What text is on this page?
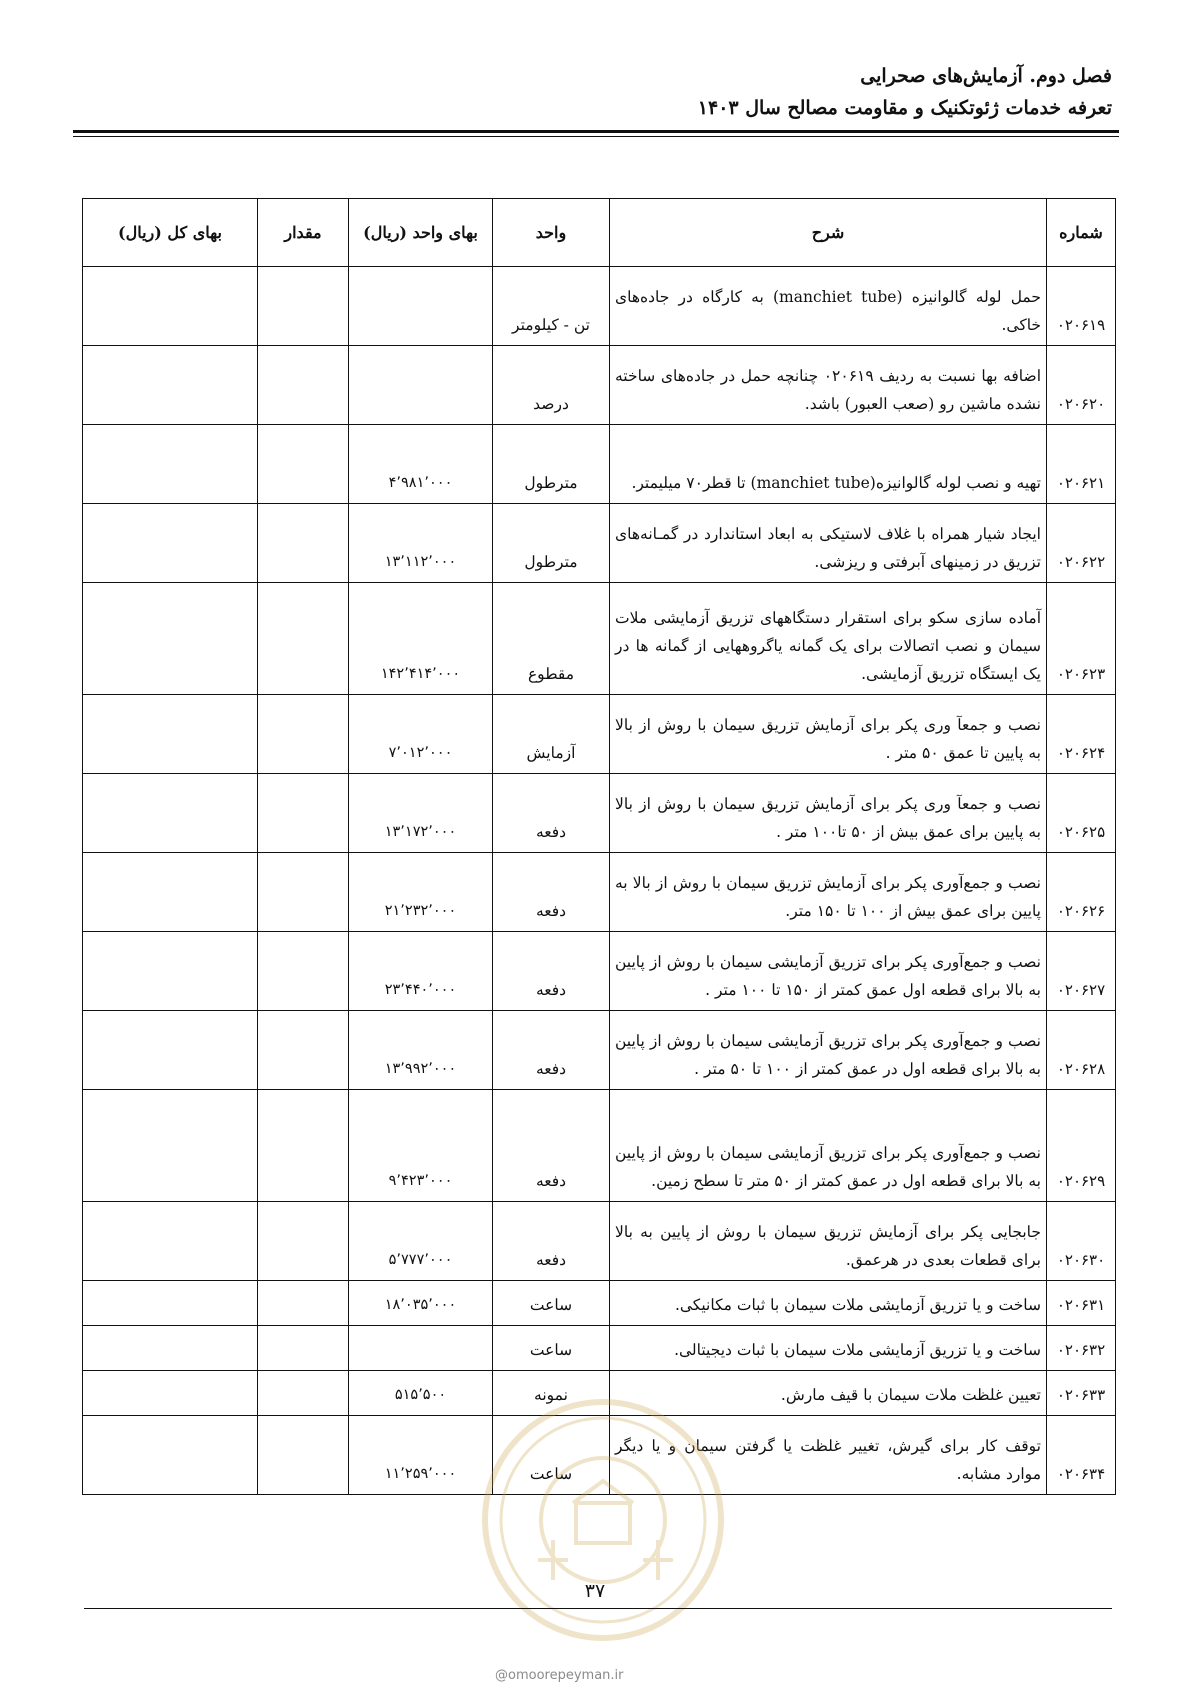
فصل دوم. آزمایش‌های صحرایی
تعرفه خدمات ژئوتکنیک و مقاومت مصالح سال ۱۴۰۳
شماره	شرح	واحد	بهای واحد (ریال)	مقدار	بهای کل (ریال)
۰۲۰۶۱۹	حمل لوله گالوانیزه (manchiet tube) به کارگاه در جاده‌های خاکی.	تن - کیلومتر			
۰۲۰۶۲۰	اضافه بها نسبت به ردیف ۰۲۰۶۱۹ چنانچه حمل در جاده‌های ساخته نشده ماشین رو (صعب العبور) باشد.	درصد			
۰۲۰۶۲۱	تهیه و نصب لوله گالوانیزه(manchiet tube) تا قطر۷۰ میلیمتر.	مترطول	۴٬۹۸۱٬۰۰۰		
۰۲۰۶۲۲	ایجاد شیار همراه با غلاف لاستیکی به ابعاد استاندارد در گمـانه‌های تزریق در زمینهای آبرفتی و ریزشی.	مترطول	۱۳٬۱۱۲٬۰۰۰		
۰۲۰۶۲۳	آماده سازی سکو برای استقرار دستگاههای تزریق آزمایشی ملات سیمان و نصب اتصالات برای یک گمانه یاگروههایی از گمانه ها در یک ایستگاه تزریق آزمایشی.	مقطوع	۱۴۲٬۴۱۴٬۰۰۰		
۰۲۰۶۲۴	نصب و جمعآ وری پکر برای آزمایش تزریق سیمان با روش از بالا به پایین تا عمق ۵۰ متر .	آزمایش	۷٬۰۱۲٬۰۰۰		
۰۲۰۶۲۵	نصب و جمعآ وری پکر برای آزمایش تزریق سیمان با روش از بالا به پایین برای عمق بیش از ۵۰ تا۱۰۰ متر .	دفعه	۱۳٬۱۷۲٬۰۰۰		
۰۲۰۶۲۶	نصب و جمع‌آوری پکر برای آزمایش تزریق سیمان با روش از بالا به پایین برای عمق بیش از ۱۰۰ تا ۱۵۰ متر.	دفعه	۲۱٬۲۳۲٬۰۰۰		
۰۲۰۶۲۷	نصب و جمع‌آوری پکر برای تزریق آزمایشی سیمان با روش از پایین به بالا برای قطعه اول عمق کمتر از ۱۵۰ تا ۱۰۰ متر .	دفعه	۲۳٬۴۴۰٬۰۰۰		
۰۲۰۶۲۸	نصب و جمع‌آوری پکر برای تزریق آزمایشی سیمان با روش از پایین به بالا برای قطعه اول در عمق کمتر از ۱۰۰ تا ۵۰ متر .	دفعه	۱۳٬۹۹۲٬۰۰۰		
۰۲۰۶۲۹	نصب و جمع‌آوری پکر برای تزریق آزمایشی سیمان با روش از پایین به بالا برای قطعه اول در عمق کمتر از ۵۰ متر تا سطح زمین.	دفعه	۹٬۴۲۳٬۰۰۰		
۰۲۰۶۳۰	جابجایی پکر برای آزمایش تزریق سیمان با روش از پایین به بالا برای قطعات بعدی در هرعمق.	دفعه	۵٬۷۷۷٬۰۰۰		
۰۲۰۶۳۱	ساخت و یا تزریق آزمایشی ملات سیمان با ثبات مکانیکی.	ساعت	۱۸٬۰۳۵٬۰۰۰		
۰۲۰۶۳۲	ساخت و یا تزریق آزمایشی ملات سیمان با ثبات دیجیتالی.	ساعت			
۰۲۰۶۳۳	تعیین غلظت ملات سیمان با قیف مارش.	نمونه	۵۱۵٬۵۰۰		
۰۲۰۶۳۴	توقف کار برای گیرش، تغییر غلظت یا گرفتن سیمان و یا دیگر موارد مشابه.	ساعت	۱۱٬۲۵۹٬۰۰۰		
۳۷
@omoorepeyman.ir
